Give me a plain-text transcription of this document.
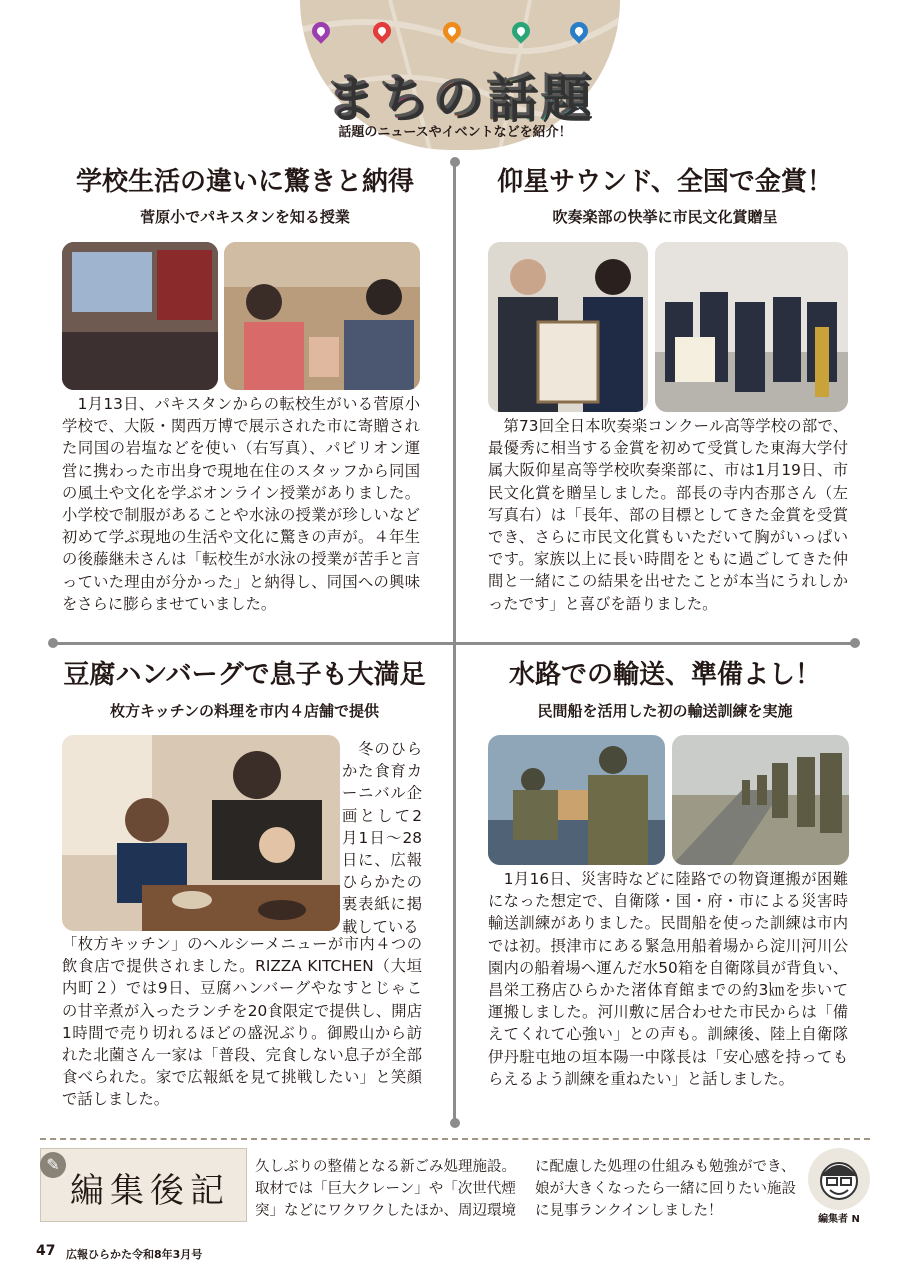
まちの話題
話題のニュースやイベントなどを紹介！
学校生活の違いに驚きと納得
菅原小でパキスタンを知る授業
　1月13日、パキスタンからの転校生がいる菅原小学校で、大阪・関西万博で展示された市に寄贈された同国の岩塩などを使い（右写真）、パビリオン運営に携わった市出身で現地在住のスタッフから同国の風土や文化を学ぶオンライン授業がありました。小学校で制服があることや水泳の授業が珍しいなど初めて学ぶ現地の生活や文化に驚きの声が。４年生の後藤継未さんは「転校生が水泳の授業が苦手と言っていた理由が分かった」と納得し、同国への興味をさらに膨らませていました。
仰星サウンド、全国で金賞！
吹奏楽部の快挙に市民文化賞贈呈
　第73回全日本吹奏楽コンクール高等学校の部で、最優秀に相当する金賞を初めて受賞した東海大学付属大阪仰星高等学校吹奏楽部に、市は1月19日、市民文化賞を贈呈しました。部長の寺内杏那さん（左写真右）は「長年、部の目標としてきた金賞を受賞でき、さらに市民文化賞もいただいて胸がいっぱいです。家族以上に長い時間をともに過ごしてきた仲間と一緒にこの結果を出せたことが本当にうれしかったです」と喜びを語りました。
豆腐ハンバーグで息子も大満足
枚方キッチンの料理を市内４店舗で提供
　冬のひらかた食育カーニバル企画として2月1日～28日に、広報ひらかたの裏表紙に掲載している
「枚方キッチン」のヘルシーメニューが市内４つの飲食店で提供されました。RIZZA KITCHEN（大垣内町２）では9日、豆腐ハンバーグやなすとじゃこの甘辛煮が入ったランチを20食限定で提供し、開店1時間で売り切れるほどの盛況ぶり。御殿山から訪れた北薗さん一家は「普段、完食しない息子が全部食べられた。家で広報紙を見て挑戦したい」と笑顔で話しました。
水路での輸送、準備よし！
民間船を活用した初の輸送訓練を実施
　1月16日、災害時などに陸路での物資運搬が困難になった想定で、自衛隊・国・府・市による災害時輸送訓練がありました。民間船を使った訓練は市内では初。摂津市にある緊急用船着場から淀川河川公園内の船着場へ運んだ水50箱を自衛隊員が背負い、昌栄工務店ひらかた渚体育館までの約3㎞を歩いて運搬しました。河川敷に居合わせた市民からは「備えてくれて心強い」との声も。訓練後、陸上自衛隊伊丹駐屯地の垣本陽一中隊長は「安心感を持ってもらえるよう訓練を重ねたい」と話しました。
✎
編集後記
久しぶりの整備となる新ごみ処理施設。取材では「巨大クレーン」や「次世代煙突」などにワクワクしたほか、周辺環境
に配慮した処理の仕組みも勉強ができ、娘が大きくなったら一緒に回りたい施設に見事ランクインしました！
編集者 N
47 広報ひらかた令和8年3月号
